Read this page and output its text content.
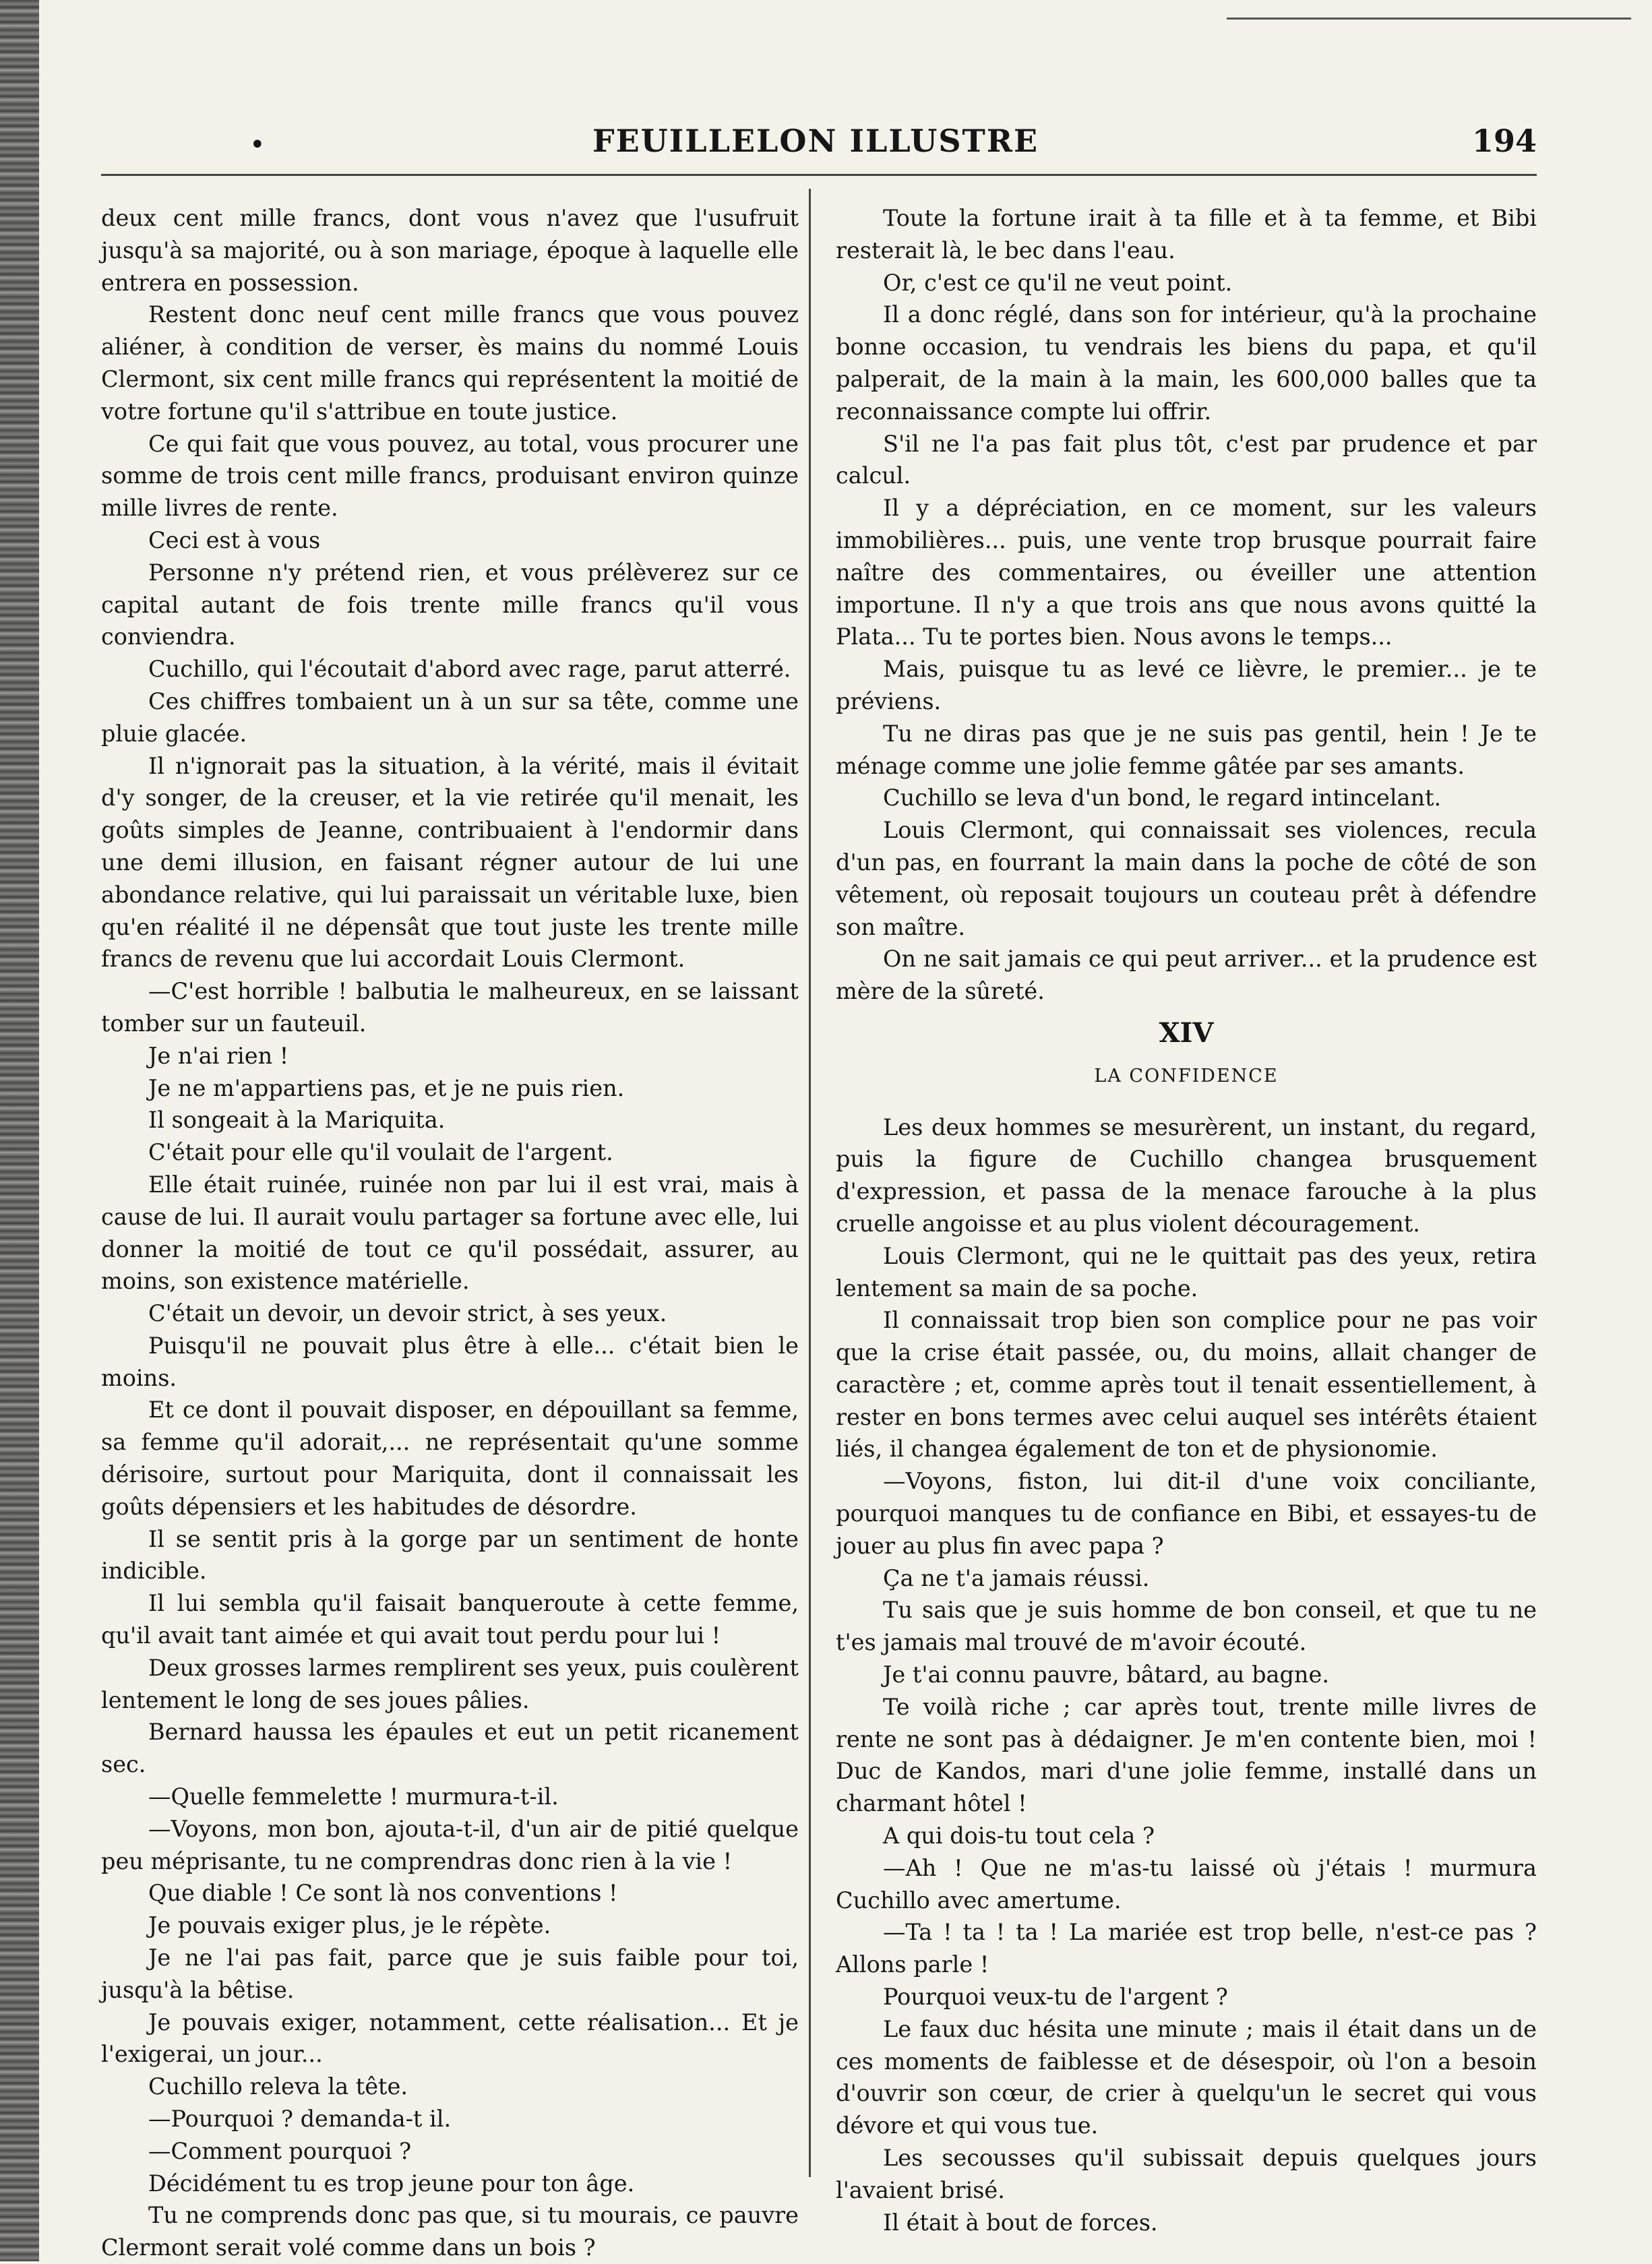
•	FEUILLELON ILLUSTRE	194

deux cent mille francs, dont vous n'avez que l'usufruit jusqu'à sa majorité, ou à son mariage, époque à laquelle elle entrera en possession.

Restent donc neuf cent mille francs que vous pouvez aliéner, à condition de verser, ès mains du nommé Louis Clermont, six cent mille francs qui représentent la moitié de votre fortune qu'il s'attribue en toute justice.

Ce qui fait que vous pouvez, au total, vous procurer une somme de trois cent mille francs, produisant environ quinze mille livres de rente.

Ceci est à vous

Personne n'y prétend rien, et vous prélèverez sur ce capital autant de fois trente mille francs qu'il vous conviendra.

Cuchillo, qui l'écoutait d'abord avec rage, parut atterré.

Ces chiffres tombaient un à un sur sa tête, comme une pluie glacée.

Il n'ignorait pas la situation, à la vérité, mais il évitait d'y songer, de la creuser, et la vie retirée qu'il menait, les goûts simples de Jeanne, contribuaient à l'endormir dans une demi illusion, en faisant régner autour de lui une abondance relative, qui lui paraissait un véritable luxe, bien qu'en réalité il ne dépensât que tout juste les trente mille francs de revenu que lui accordait Louis Clermont.

—C'est horrible ! balbutia le malheureux, en se laissant tomber sur un fauteuil.

Je n'ai rien !

Je ne m'appartiens pas, et je ne puis rien.

Il songeait à la Mariquita.

C'était pour elle qu'il voulait de l'argent.

Elle était ruinée, ruinée non par lui il est vrai, mais à cause de lui. Il aurait voulu partager sa fortune avec elle, lui donner la moitié de tout ce qu'il possédait, assurer, au moins, son existence matérielle.

C'était un devoir, un devoir strict, à ses yeux.

Puisqu'il ne pouvait plus être à elle... c'était bien le moins.

Et ce dont il pouvait disposer, en dépouillant sa femme, sa femme qu'il adorait,... ne représentait qu'une somme dérisoire, surtout pour Mariquita, dont il connaissait les goûts dépensiers et les habitudes de désordre.

Il se sentit pris à la gorge par un sentiment de honte indicible.

Il lui sembla qu'il faisait banqueroute à cette femme, qu'il avait tant aimée et qui avait tout perdu pour lui !

Deux grosses larmes remplirent ses yeux, puis coulèrent lentement le long de ses joues pâlies.

Bernard haussa les épaules et eut un petit ricanement sec.

—Quelle femmelette ! murmura-t-il.

—Voyons, mon bon, ajouta-t-il, d'un air de pitié quelque peu méprisante, tu ne comprendras donc rien à la vie !

Que diable ! Ce sont là nos conventions !

Je pouvais exiger plus, je le répète.

Je ne l'ai pas fait, parce que je suis faible pour toi, jusqu'à la bêtise.

Je pouvais exiger, notamment, cette réalisation... Et je l'exigerai, un jour...

Cuchillo releva la tête.

—Pourquoi ? demanda-t il.

—Comment pourquoi ?

Décidément tu es trop jeune pour ton âge.

Tu ne comprends donc pas que, si tu mourais, ce pauvre Clermont serait volé comme dans un bois ?

Toute la fortune irait à ta fille et à ta femme, et Bibi resterait là, le bec dans l'eau.

Or, c'est ce qu'il ne veut point.

Il a donc réglé, dans son for intérieur, qu'à la prochaine bonne occasion, tu vendrais les biens du papa, et qu'il palperait, de la main à la main, les 600,000 balles que ta reconnaissance compte lui offrir.

S'il ne l'a pas fait plus tôt, c'est par prudence et par calcul.

Il y a dépréciation, en ce moment, sur les valeurs immobilières... puis, une vente trop brusque pourrait faire naître des commentaires, ou éveiller une attention importune. Il n'y a que trois ans que nous avons quitté la Plata... Tu te portes bien. Nous avons le temps...

Mais, puisque tu as levé ce lièvre, le premier... je te préviens.

Tu ne diras pas que je ne suis pas gentil, hein ! Je te ménage comme une jolie femme gâtée par ses amants.

Cuchillo se leva d'un bond, le regard intincelant.

Louis Clermont, qui connaissait ses violences, recula d'un pas, en fourrant la main dans la poche de côté de son vêtement, où reposait toujours un couteau prêt à défendre son maître.

On ne sait jamais ce qui peut arriver... et la prudence est mère de la sûreté.

XIV

LA CONFIDENCE

Les deux hommes se mesurèrent, un instant, du regard, puis la figure de Cuchillo changea brusquement d'expression, et passa de la menace farouche à la plus cruelle angoisse et au plus violent découragement.

Louis Clermont, qui ne le quittait pas des yeux, retira lentement sa main de sa poche.

Il connaissait trop bien son complice pour ne pas voir que la crise était passée, ou, du moins, allait changer de caractère ; et, comme après tout il tenait essentiellement, à rester en bons termes avec celui auquel ses intérêts étaient liés, il changea également de ton et de physionomie.

—Voyons, fiston, lui dit-il d'une voix conciliante, pourquoi manques tu de confiance en Bibi, et essayes-tu de jouer au plus fin avec papa ?

Ça ne t'a jamais réussi.

Tu sais que je suis homme de bon conseil, et que tu ne t'es jamais mal trouvé de m'avoir écouté.

Je t'ai connu pauvre, bâtard, au bagne.

Te voilà riche ; car après tout, trente mille livres de rente ne sont pas à dédaigner. Je m'en contente bien, moi ! Duc de Kandos, mari d'une jolie femme, installé dans un charmant hôtel !

A qui dois-tu tout cela ?

—Ah ! Que ne m'as-tu laissé où j'étais ! murmura Cuchillo avec amertume.

—Ta ! ta ! ta ! La mariée est trop belle, n'est-ce pas ? Allons parle !

Pourquoi veux-tu de l'argent ?

Le faux duc hésita une minute ; mais il était dans un de ces moments de faiblesse et de désespoir, où l'on a besoin d'ouvrir son cœur, de crier à quelqu'un le secret qui vous dévore et qui vous tue.

Les secousses qu'il subissait depuis quelques jours l'avaient brisé.

Il était à bout de forces.
